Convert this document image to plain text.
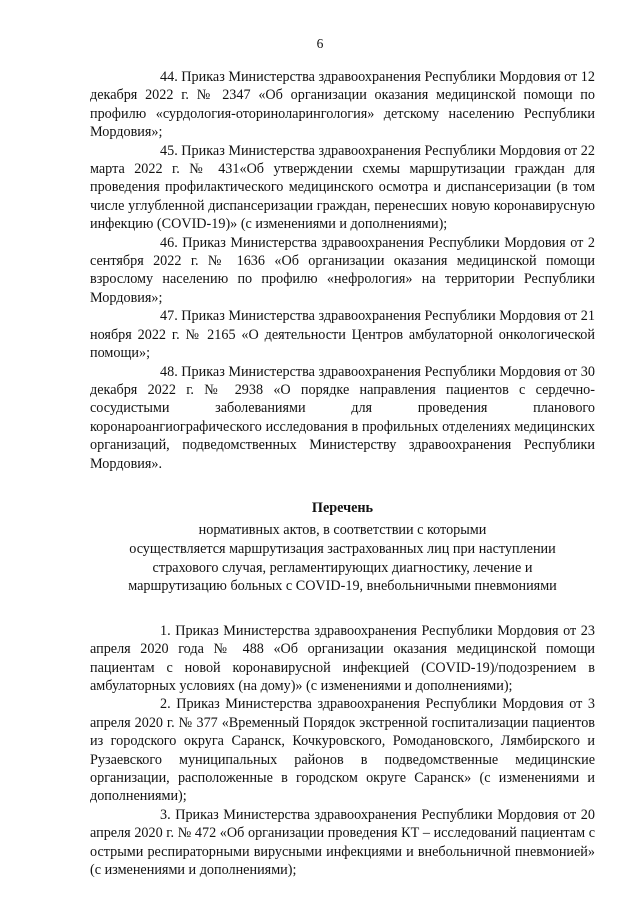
6

44. Приказ Министерства здравоохранения Республики Мордовия от 12 декабря 2022 г. № 2347 «Об организации оказания медицинской помощи по профилю «сурдология-оториноларингология» детскому населению Республики Мордовия»;

45. Приказ Министерства здравоохранения Республики Мордовия от 22 марта 2022 г. № 431«Об утверждении схемы маршрутизации граждан для проведения профилактического медицинского осмотра и диспансеризации (в том числе углубленной диспансеризации граждан, перенесших новую коронавирусную инфекцию (COVID-19)» (с изменениями и дополнениями);

46. Приказ Министерства здравоохранения Республики Мордовия от 2 сентября 2022 г. № 1636 «Об организации оказания медицинской помощи взрослому населению по профилю «нефрология» на территории Республики Мордовия»;

47. Приказ Министерства здравоохранения Республики Мордовия от 21 ноября 2022 г. № 2165 «О деятельности Центров амбулаторной онкологической помощи»;

48. Приказ Министерства здравоохранения Республики Мордовия от 30 декабря 2022 г. № 2938 «О порядке направления пациентов с сердечно-сосудистыми заболеваниями для проведения планового коронароангиографического исследования в профильных отделениях медицинских организаций, подведомственных Министерству здравоохранения Республики Мордовия».

Перечень
нормативных актов, в соответствии с которыми
осуществляется маршрутизация застрахованных лиц при наступлении
страхового случая, регламентирующих диагностику, лечение и
маршрутизацию больных с COVID-19, внебольничными пневмониями

1. Приказ Министерства здравоохранения Республики Мордовия от 23 апреля 2020 года № 488 «Об организации оказания медицинской помощи пациентам с новой коронавирусной инфекцией (COVID-19)/подозрением в амбулаторных условиях (на дому)» (с изменениями и дополнениями);

2. Приказ Министерства здравоохранения Республики Мордовия от 3 апреля 2020 г. № 377 «Временный Порядок экстренной госпитализации пациентов из городского округа Саранск, Кочкуровского, Ромодановского, Лямбирского и Рузаевского муниципальных районов в подведомственные медицинские организации, расположенные в городском округе Саранск» (с изменениями и дополнениями);

3. Приказ Министерства здравоохранения Республики Мордовия от 20 апреля 2020 г. № 472 «Об организации проведения КТ – исследований пациентам с острыми респираторными вирусными инфекциями и внебольничной пневмонией» (с изменениями и дополнениями);
